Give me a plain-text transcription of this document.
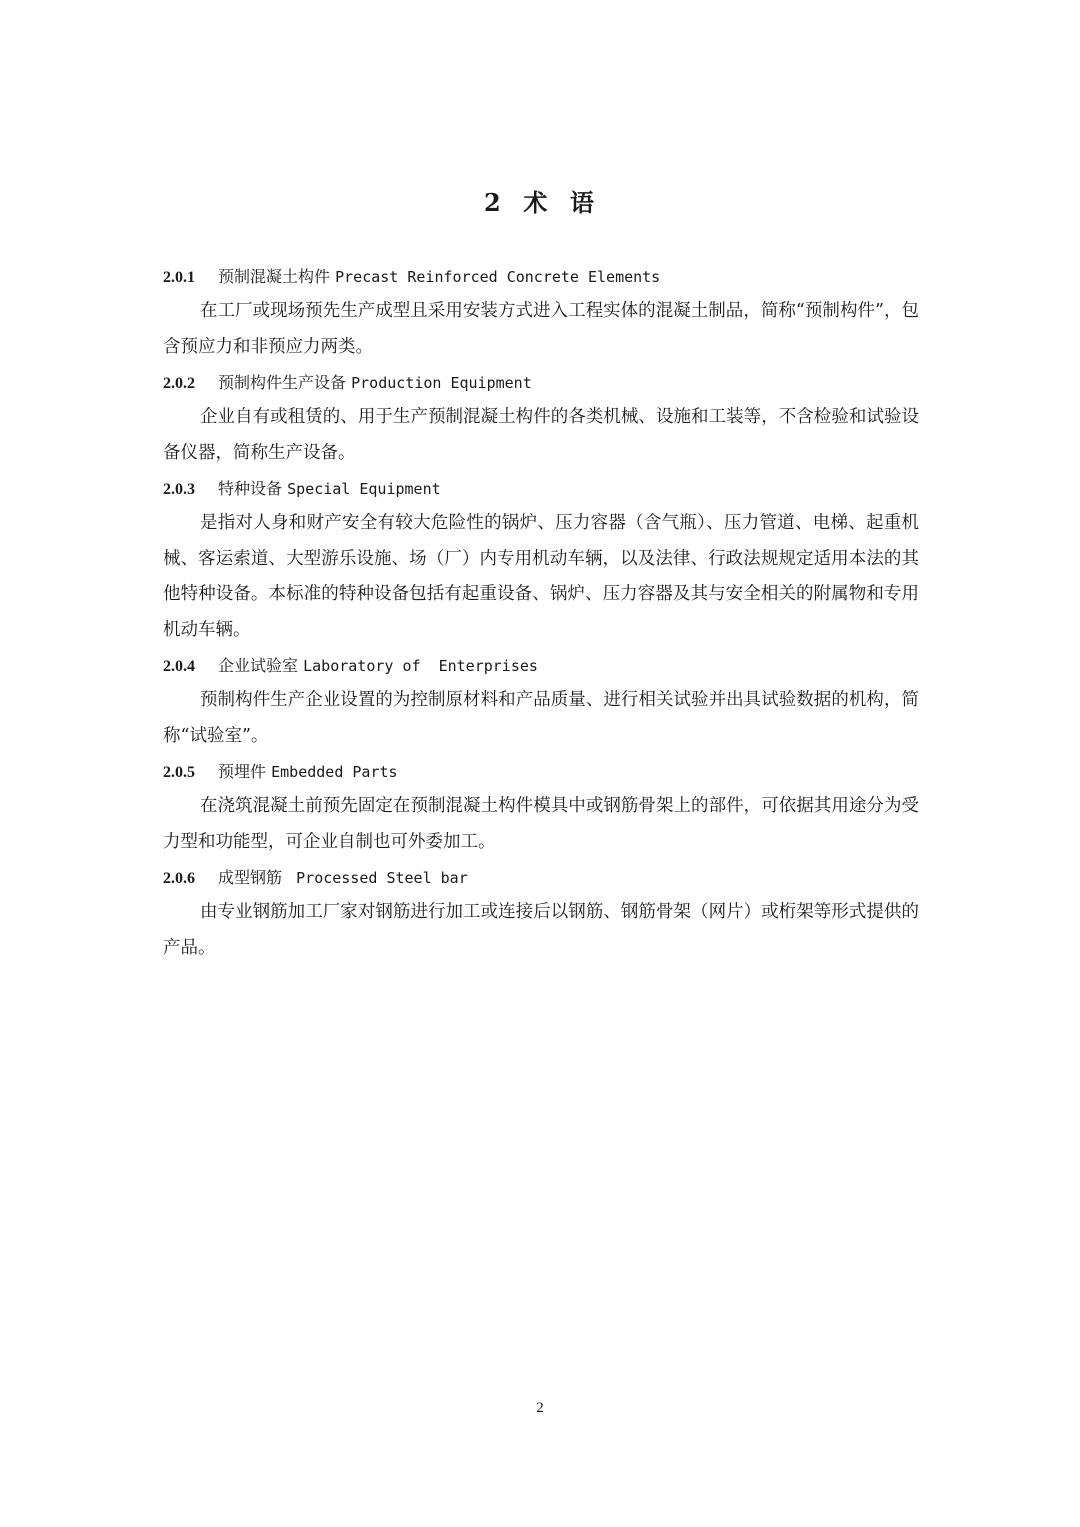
2  术  语
2.0.1 预制混凝土构件 Precast Reinforced Concrete Elements

在工厂或现场预先生产成型且采用安装方式进入工程实体的混凝土制品，简称“预制构件”，包含预应力和非预应力两类。

2.0.2 预制构件生产设备 Production Equipment

企业自有或租赁的、用于生产预制混凝土构件的各类机械、设施和工装等，不含检验和试验设备仪器，简称生产设备。

2.0.3 特种设备 Special Equipment

是指对人身和财产安全有较大危险性的锅炉、压力容器（含气瓶）、压力管道、电梯、起重机械、客运索道、大型游乐设施、场（厂）内专用机动车辆，以及法律、行政法规规定适用本法的其他特种设备。本标准的特种设备包括有起重设备、锅炉、压力容器及其与安全相关的附属物和专用机动车辆。

2.0.4 企业试验室 Laboratory of  Enterprises

预制构件生产企业设置的为控制原材料和产品质量、进行相关试验并出具试验数据的机构，简称“试验室”。

2.0.5 预埋件 Embedded Parts

在浇筑混凝土前预先固定在预制混凝土构件模具中或钢筋骨架上的部件，可依据其用途分为受力型和功能型，可企业自制也可外委加工。

2.0.6 成型钢筋  Processed Steel bar

由专业钢筋加工厂家对钢筋进行加工或连接后以钢筋、钢筋骨架（网片）或桁架等形式提供的产品。

2
